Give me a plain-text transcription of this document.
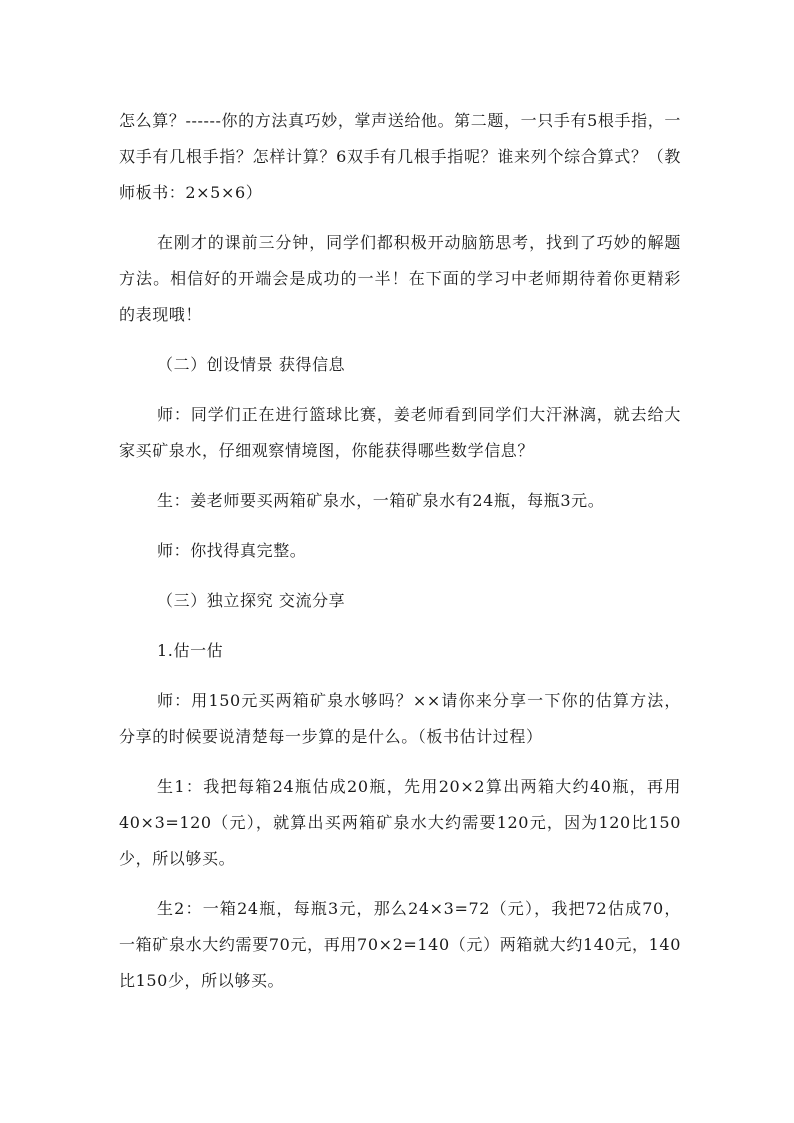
怎么算？------你的方法真巧妙，掌声送给他。第二题，一只手有5根手指，一双手有几根手指？怎样计算？6双手有几根手指呢？谁来列个综合算式？（教师板书：2×5×6）

在刚才的课前三分钟，同学们都积极开动脑筋思考，找到了巧妙的解题方法。相信好的开端会是成功的一半！在下面的学习中老师期待着你更精彩的表现哦！

（二）创设情景 获得信息

师：同学们正在进行篮球比赛，姜老师看到同学们大汗淋漓，就去给大家买矿泉水，仔细观察情境图，你能获得哪些数学信息？

生：姜老师要买两箱矿泉水，一箱矿泉水有24瓶，每瓶3元。

师：你找得真完整。

（三）独立探究 交流分享

1.估一估

师：用150元买两箱矿泉水够吗？××请你来分享一下你的估算方法，分享的时候要说清楚每一步算的是什么。（板书估计过程）

生1：我把每箱24瓶估成20瓶，先用20×2算出两箱大约40瓶，再用40×3=120（元），就算出买两箱矿泉水大约需要120元，因为120比150少，所以够买。

生2：一箱24瓶，每瓶3元，那么24×3=72（元），我把72估成70，一箱矿泉水大约需要70元，再用70×2=140（元）两箱就大约140元，140比150少，所以够买。
